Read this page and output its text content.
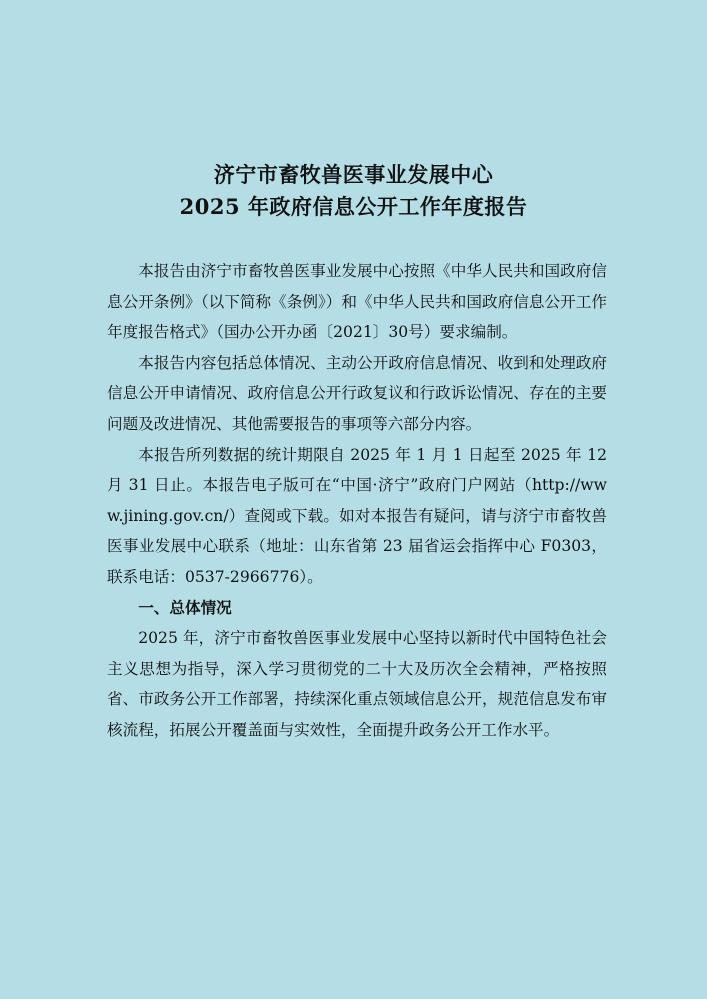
济宁市畜牧兽医事业发展中心
2025 年政府信息公开工作年度报告

本报告由济宁市畜牧兽医事业发展中心按照《中华人民共和国政府信息公开条例》（以下简称《条例》）和《中华人民共和国政府信息公开工作年度报告格式》（国办公开办函〔2021〕30号）要求编制。

本报告内容包括总体情况、主动公开政府信息情况、收到和处理政府信息公开申请情况、政府信息公开行政复议和行政诉讼情况、存在的主要问题及改进情况、其他需要报告的事项等六部分内容。

本报告所列数据的统计期限自 2025 年 1 月 1 日起至 2025 年 12 月 31 日止。本报告电子版可在“中国·济宁”政府门户网站（http://www.jining.gov.cn/）查阅或下载。如对本报告有疑问，请与济宁市畜牧兽医事业发展中心联系（地址：山东省第 23 届省运会指挥中心 F0303，联系电话：0537-2966776）。

一、总体情况

2025 年，济宁市畜牧兽医事业发展中心坚持以新时代中国特色社会主义思想为指导，深入学习贯彻党的二十大及历次全会精神，严格按照省、市政务公开工作部署，持续深化重点领域信息公开，规范信息发布审核流程，拓展公开覆盖面与实效性，全面提升政务公开工作水平。
